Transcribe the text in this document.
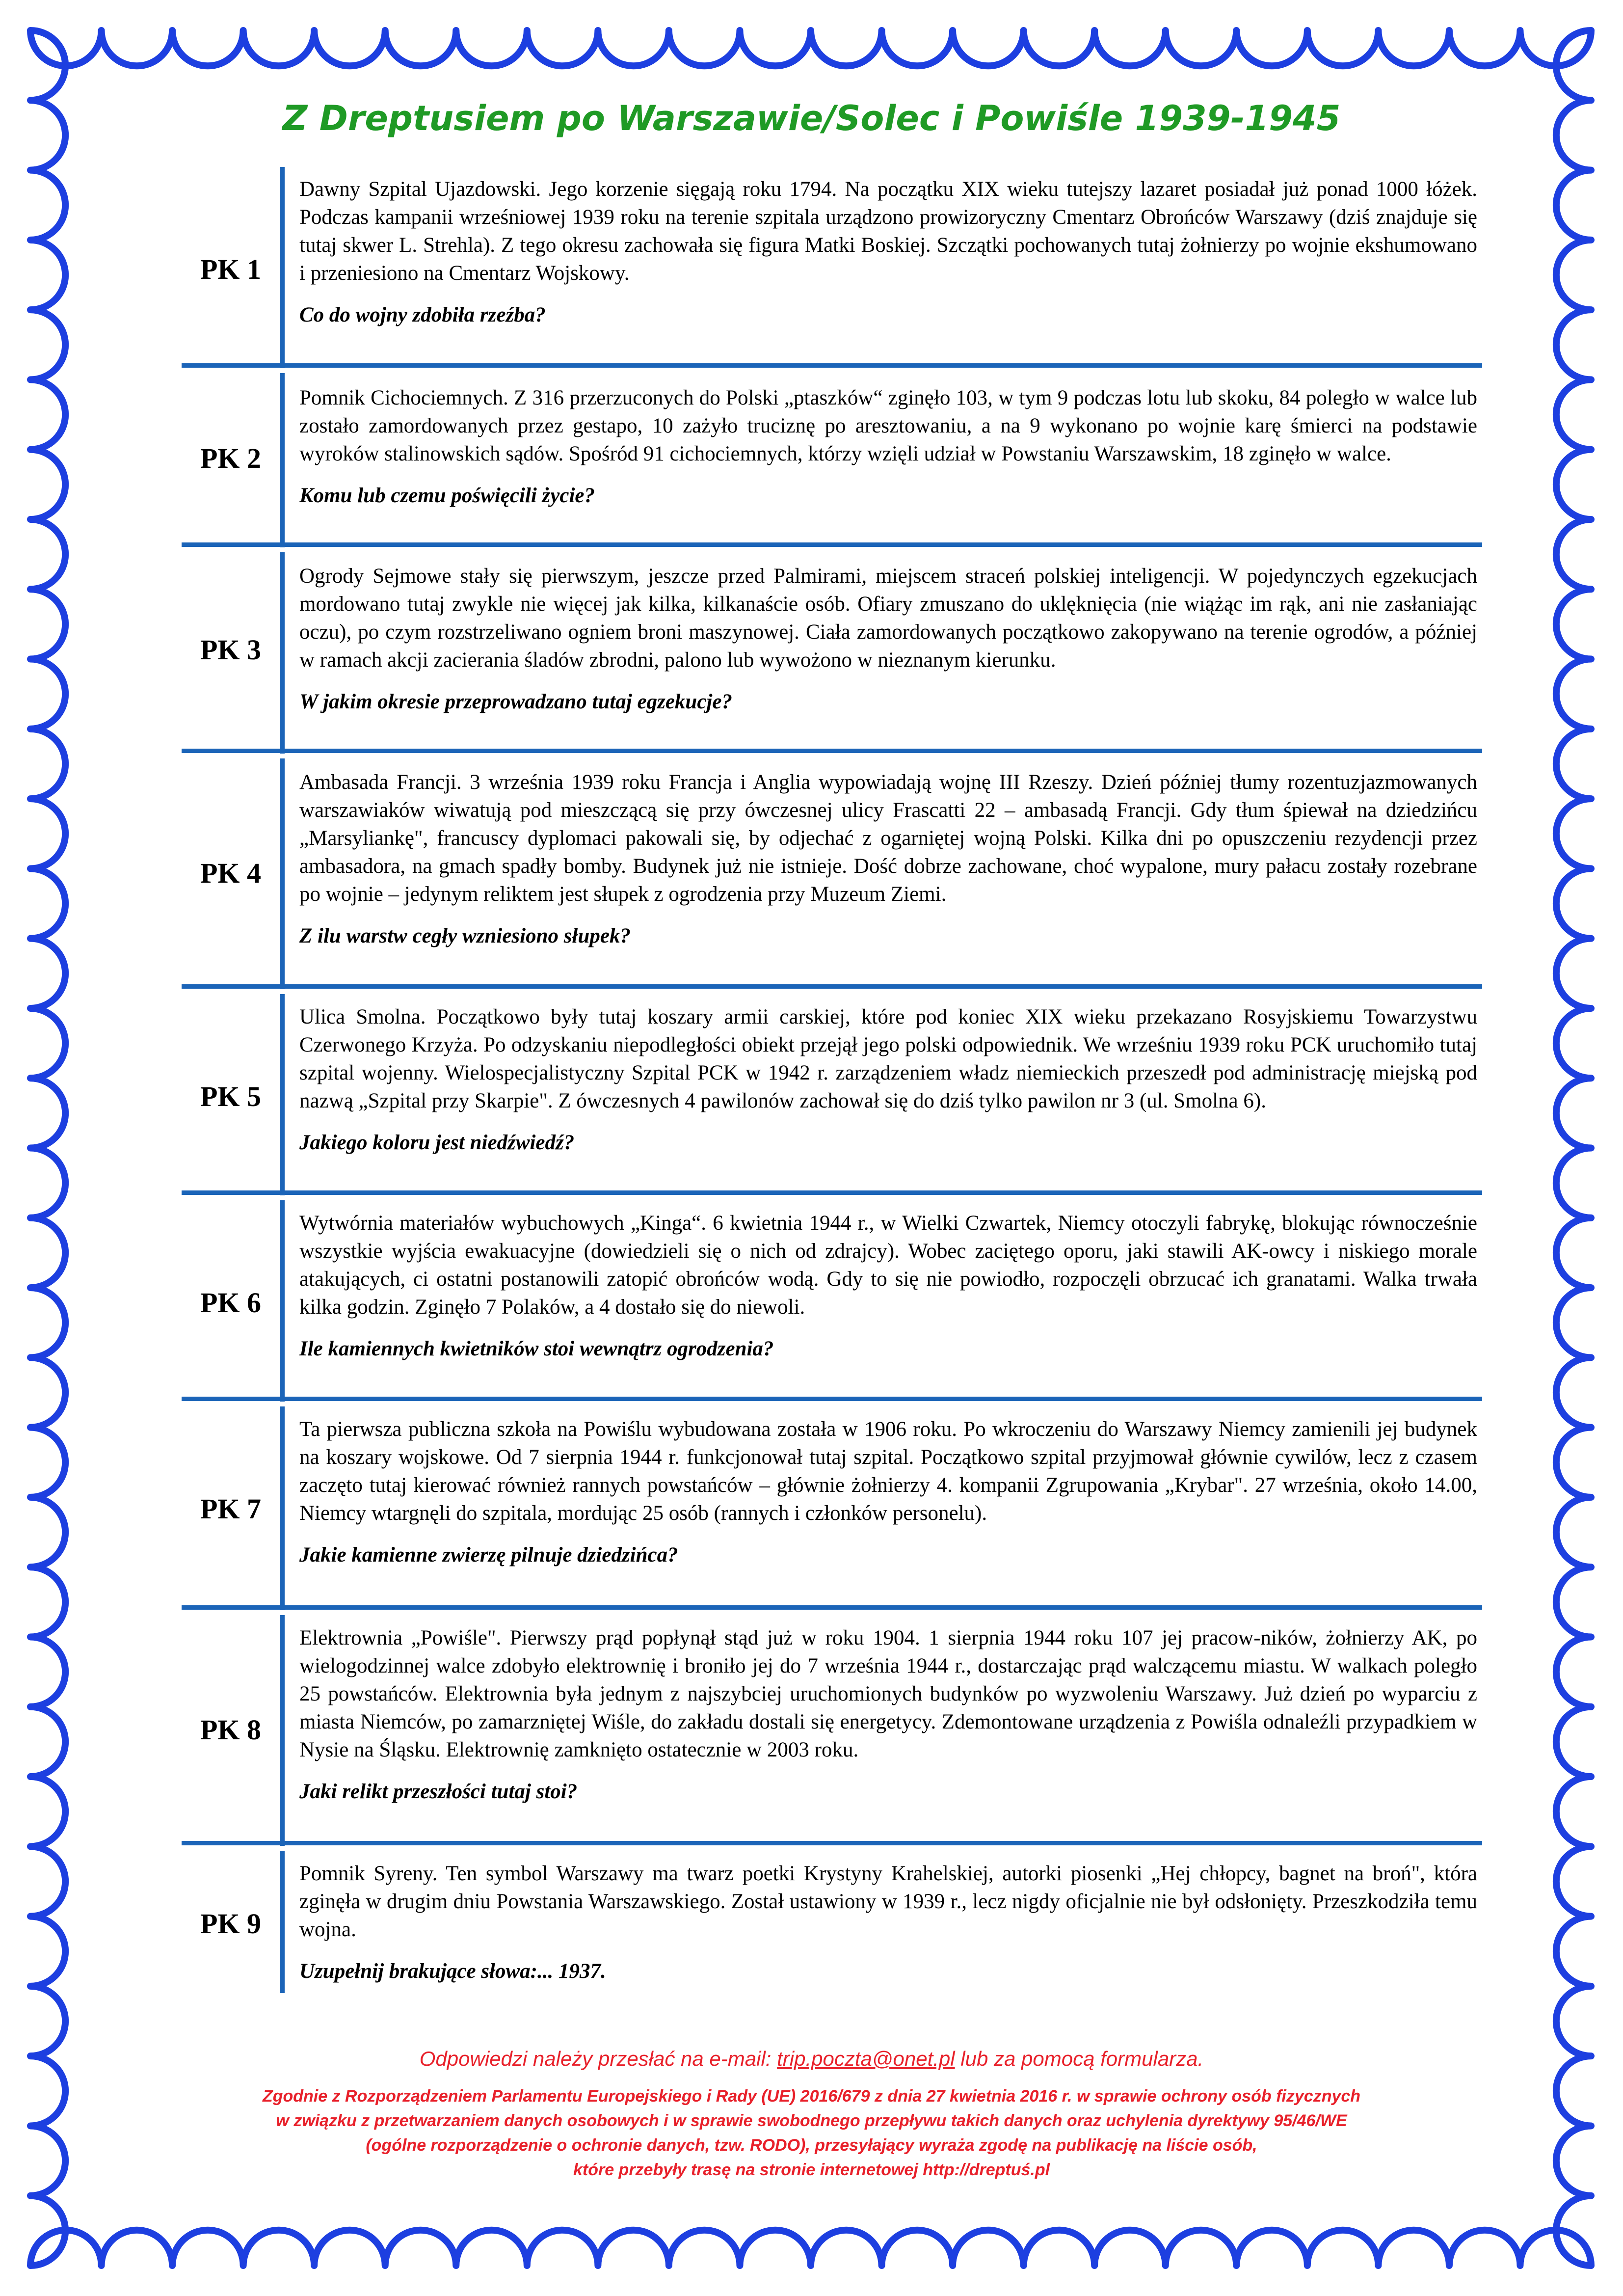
Z Dreptusiem po Warszawie/Solec i Powiśle 1939-1945
PK 1

Dawny Szpital Ujazdowski. Jego korzenie sięgają roku 1794. Na początku XIX wieku tutejszy lazaret posiadał już ponad 1000 łóżek. Podczas kampanii wrześniowej 1939 roku na terenie szpitala urządzono prowizoryczny Cmentarz Obrońców Warszawy (dziś znajduje się tutaj skwer L. Strehla). Z tego okresu zachowała się figura Matki Boskiej. Szczątki pochowanych tutaj żołnierzy po wojnie ekshumowano i przeniesiono na Cmentarz Wojskowy.

Co do wojny zdobiła rzeźba?

PK 2

Pomnik Cichociemnych. Z 316 przerzuconych do Polski „ptaszków“ zginęło 103, w tym 9 podczas lotu lub skoku, 84 poległo w walce lub zostało zamordowanych przez gestapo, 10 zażyło truciznę po aresztowaniu, a na 9 wykonano po wojnie karę śmierci na podstawie wyroków stalinowskich sądów. Spośród 91 cichociemnych, którzy wzięli udział w Powstaniu Warszawskim, 18 zginęło w walce.

Komu lub czemu poświęcili życie?

PK 3

Ogrody Sejmowe stały się pierwszym, jeszcze przed Palmirami, miejscem straceń polskiej inteligencji. W pojedynczych egzekucjach mordowano tutaj zwykle nie więcej jak kilka, kilkanaście osób. Ofiary zmuszano do uklęknięcia (nie wiążąc im rąk, ani nie zasłaniając oczu), po czym rozstrzeliwano ogniem broni maszynowej. Ciała zamordowanych początkowo zakopywano na terenie ogrodów, a później w ramach akcji zacierania śladów zbrodni, palono lub wywożono w nieznanym kierunku.

W jakim okresie przeprowadzano tutaj egzekucje?

PK 4

Ambasada Francji. 3 września 1939 roku Francja i Anglia wypowiadają wojnę III Rzeszy. Dzień później tłumy rozentuzjazmowanych warszawiaków wiwatują pod mieszczącą się przy ówczesnej ulicy Frascatti 22 – ambasadą Francji. Gdy tłum śpiewał na dziedzińcu „Marsyliankę", francuscy dyplomaci pakowali się, by odjechać z ogarniętej wojną Polski. Kilka dni po opuszczeniu rezydencji przez ambasadora, na gmach spadły bomby. Budynek już nie istnieje. Dość dobrze zachowane, choć wypalone, mury pałacu zostały rozebrane po wojnie – jedynym reliktem jest słupek z ogrodzenia przy Muzeum Ziemi.

Z ilu warstw cegły wzniesiono słupek?

PK 5

Ulica Smolna. Początkowo były tutaj koszary armii carskiej, które pod koniec XIX wieku przekazano Rosyjskiemu Towarzystwu Czerwonego Krzyża. Po odzyskaniu niepodległości obiekt przejął jego polski odpowiednik. We wrześniu 1939 roku PCK uruchomiło tutaj szpital wojenny. Wielospecjalistyczny Szpital PCK w 1942 r. zarządzeniem władz niemieckich przeszedł pod administrację miejską pod nazwą „Szpital przy Skarpie". Z ówczesnych 4 pawilonów zachował się do dziś tylko pawilon nr 3 (ul. Smolna 6).

Jakiego koloru jest niedźwiedź?

PK 6

Wytwórnia materiałów wybuchowych „Kinga“. 6 kwietnia 1944 r., w Wielki Czwartek, Niemcy otoczyli fabrykę, blokując równocześnie wszystkie wyjścia ewakuacyjne (dowiedzieli się o nich od zdrajcy). Wobec zaciętego oporu, jaki stawili AK-owcy i niskiego morale atakujących, ci ostatni postanowili zatopić obrońców wodą. Gdy to się nie powiodło, rozpoczęli obrzucać ich granatami. Walka trwała kilka godzin. Zginęło 7 Polaków, a 4 dostało się do niewoli.

Ile kamiennych kwietników stoi wewnątrz ogrodzenia?

PK 7

Ta pierwsza publiczna szkoła na Powiślu wybudowana została w 1906 roku. Po wkroczeniu do Warszawy Niemcy zamienili jej budynek na koszary wojskowe. Od 7 sierpnia 1944 r. funkcjonował tutaj szpital. Początkowo szpital przyjmował głównie cywilów, lecz z czasem zaczęto tutaj kierować również rannych powstańców – głównie żołnierzy 4. kompanii Zgrupowania „Krybar". 27 września, około 14.00, Niemcy wtargnęli do szpitala, mordując 25 osób (rannych i członków personelu).

Jakie kamienne zwierzę pilnuje dziedzińca?

PK 8

Elektrownia „Powiśle". Pierwszy prąd popłynął stąd już w roku 1904. 1 sierpnia 1944 roku 107 jej pracow-ników, żołnierzy AK, po wielogodzinnej walce zdobyło elektrownię i broniło jej do 7 września 1944 r., dostarczając prąd walczącemu miastu. W walkach poległo 25 powstańców. Elektrownia była jednym z najszybciej uruchomionych budynków po wyzwoleniu Warszawy. Już dzień po wyparciu z miasta Niemców, po zamarzniętej Wiśle, do zakładu dostali się energetycy. Zdemontowane urządzenia z Powiśla odnaleźli przypadkiem w Nysie na Śląsku. Elektrownię zamknięto ostatecznie w 2003 roku.

Jaki relikt przeszłości tutaj stoi?

PK 9

Pomnik Syreny. Ten symbol Warszawy ma twarz poetki Krystyny Krahelskiej, autorki piosenki „Hej chłopcy, bagnet na broń", która zginęła w drugim dniu Powstania Warszawskiego. Został ustawiony w 1939 r., lecz nigdy oficjalnie nie był odsłonięty. Przeszkodziła temu wojna.

Uzupełnij brakujące słowa:... 1937.

Odpowiedzi należy przesłać na e-mail: trip.poczta@onet.pl lub za pomocą formularza.
Zgodnie z Rozporządzeniem Parlamentu Europejskiego i Rady (UE) 2016/679 z dnia 27 kwietnia 2016 r. w sprawie ochrony osób fizycznych
w związku z przetwarzaniem danych osobowych i w sprawie swobodnego przepływu takich danych oraz uchylenia dyrektywy 95/46/WE
(ogólne rozporządzenie o ochronie danych, tzw. RODO), przesyłający wyraża zgodę na publikację na liście osób,
które przebyły trasę na stronie internetowej http://dreptuś.pl
